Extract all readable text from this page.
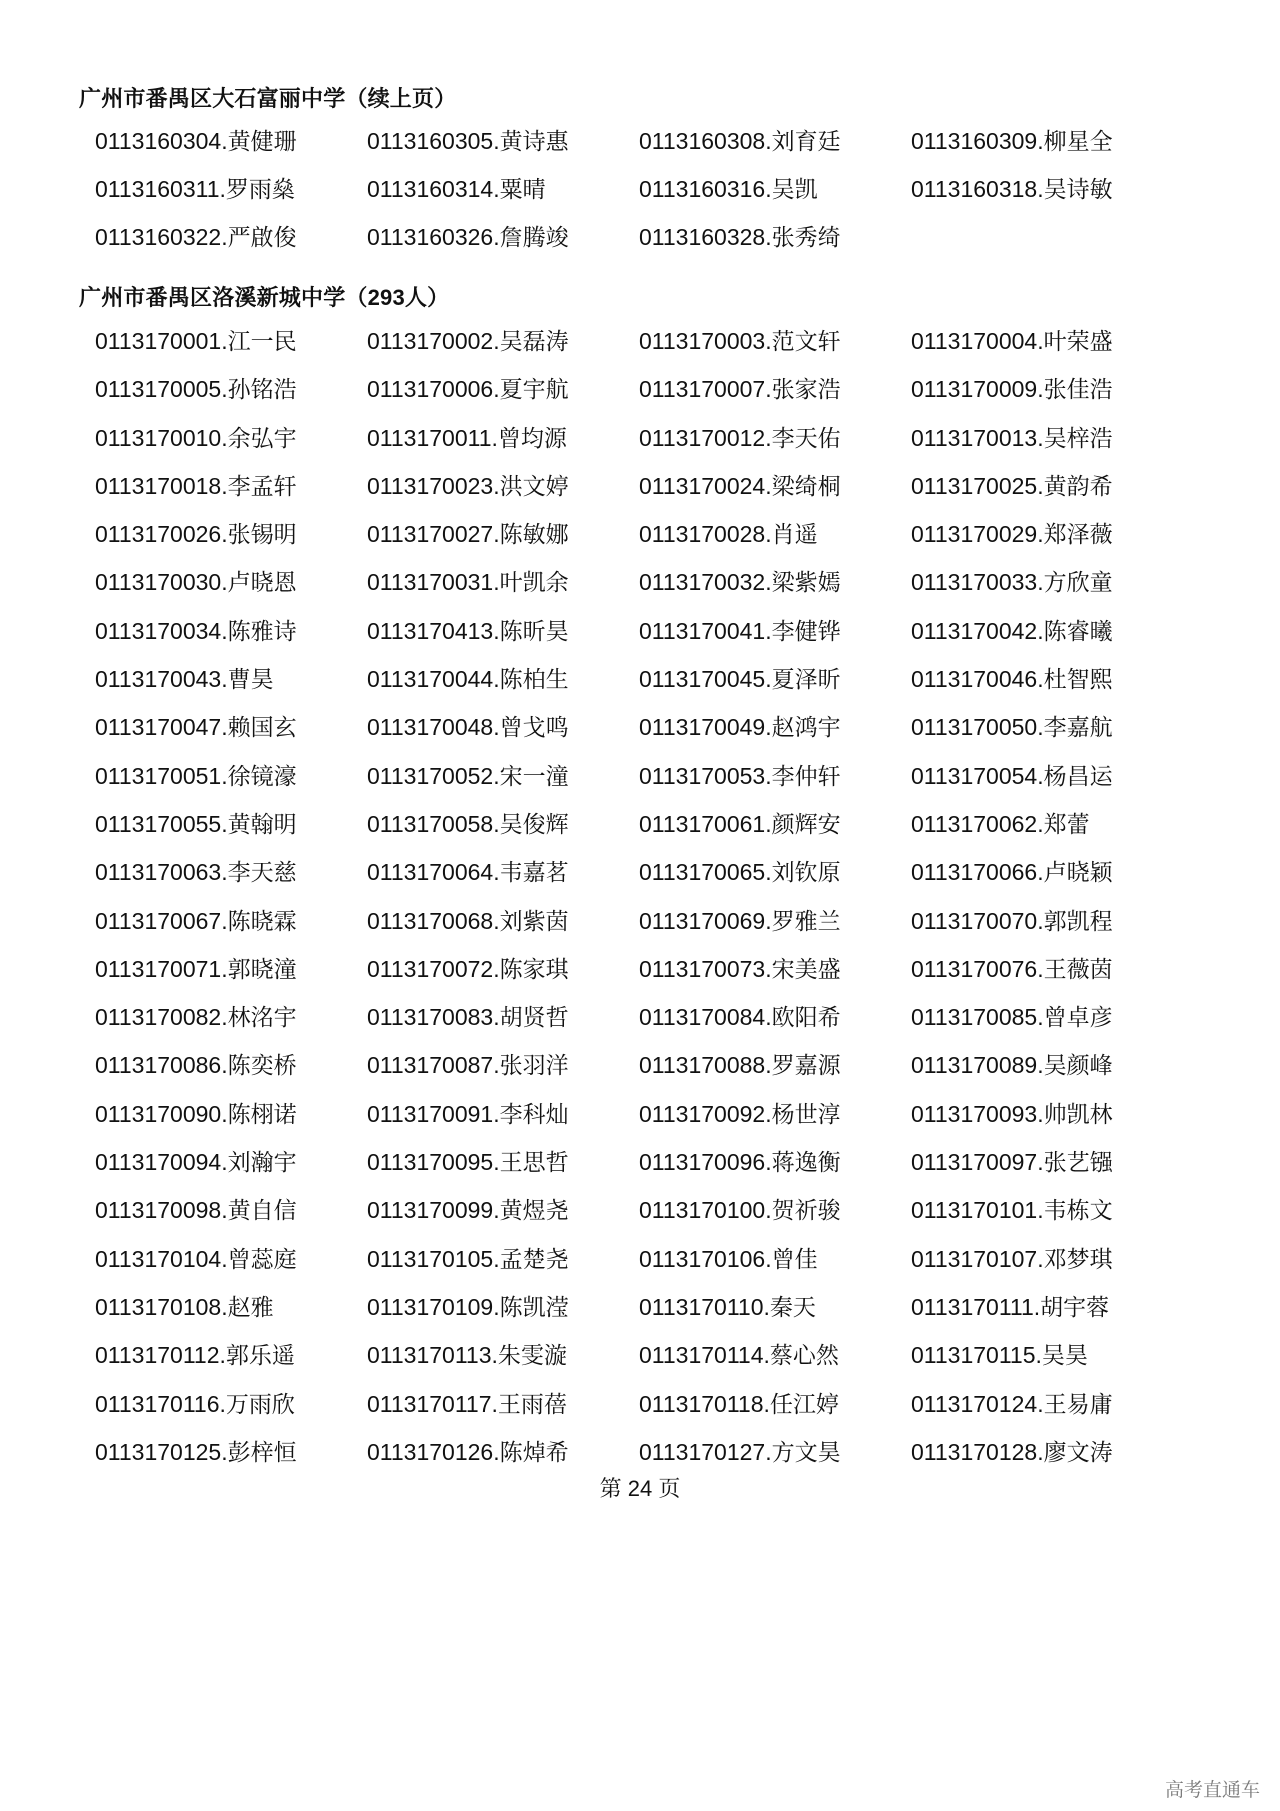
广州市番禺区大石富丽中学（续上页）
0113160304.黄健珊	0113160305.黄诗惠	0113160308.刘育廷	0113160309.柳星全
0113160311.罗雨燊	0113160314.粟晴	0113160316.吴凯	0113160318.吴诗敏
0113160322.严啟俊	0113160326.詹腾竣	0113160328.张秀绮
广州市番禺区洛溪新城中学（293人）
0113170001.江一民	0113170002.吴磊涛	0113170003.范文轩	0113170004.叶荣盛
0113170005.孙铭浩	0113170006.夏宇航	0113170007.张家浩	0113170009.张佳浩
0113170010.余弘宇	0113170011.曾均源	0113170012.李天佑	0113170013.吴梓浩
0113170018.李孟轩	0113170023.洪文婷	0113170024.梁绮桐	0113170025.黄韵希
0113170026.张锡明	0113170027.陈敏娜	0113170028.肖遥	0113170029.郑泽薇
0113170030.卢晓恩	0113170031.叶凯余	0113170032.梁紫嫣	0113170033.方欣童
0113170034.陈雅诗	0113170413.陈昕昊	0113170041.李健铧	0113170042.陈睿曦
0113170043.曹昊	0113170044.陈柏生	0113170045.夏泽昕	0113170046.杜智熙
0113170047.赖国玄	0113170048.曾戈鸣	0113170049.赵鸿宇	0113170050.李嘉航
0113170051.徐镜濠	0113170052.宋一潼	0113170053.李仲轩	0113170054.杨昌运
0113170055.黄翰明	0113170058.吴俊辉	0113170061.颜辉安	0113170062.郑蕾
0113170063.李天慈	0113170064.韦嘉茗	0113170065.刘钦原	0113170066.卢晓颖
0113170067.陈晓霖	0113170068.刘紫茵	0113170069.罗雅兰	0113170070.郭凯程
0113170071.郭晓潼	0113170072.陈家琪	0113170073.宋美盛	0113170076.王薇茵
0113170082.林洺宇	0113170083.胡贤哲	0113170084.欧阳希	0113170085.曾卓彦
0113170086.陈奕桥	0113170087.张羽洋	0113170088.罗嘉源	0113170089.吴颜峰
0113170090.陈栩诺	0113170091.李科灿	0113170092.杨世淳	0113170093.帅凯林
0113170094.刘瀚宇	0113170095.王思哲	0113170096.蒋逸衡	0113170097.张艺镪
0113170098.黄自信	0113170099.黄煜尧	0113170100.贺祈骏	0113170101.韦栋文
0113170104.曾蕊庭	0113170105.孟楚尧	0113170106.曾佳	0113170107.邓梦琪
0113170108.赵雅	0113170109.陈凯滢	0113170110.秦天	0113170111.胡宇蓉
0113170112.郭乐遥	0113170113.朱雯漩	0113170114.蔡心然	0113170115.吴昊
0113170116.万雨欣	0113170117.王雨蓓	0113170118.任江婷	0113170124.王易庸
0113170125.彭梓恒	0113170126.陈焯希	0113170127.方文昊	0113170128.廖文涛
第 24 页
高考直通车
